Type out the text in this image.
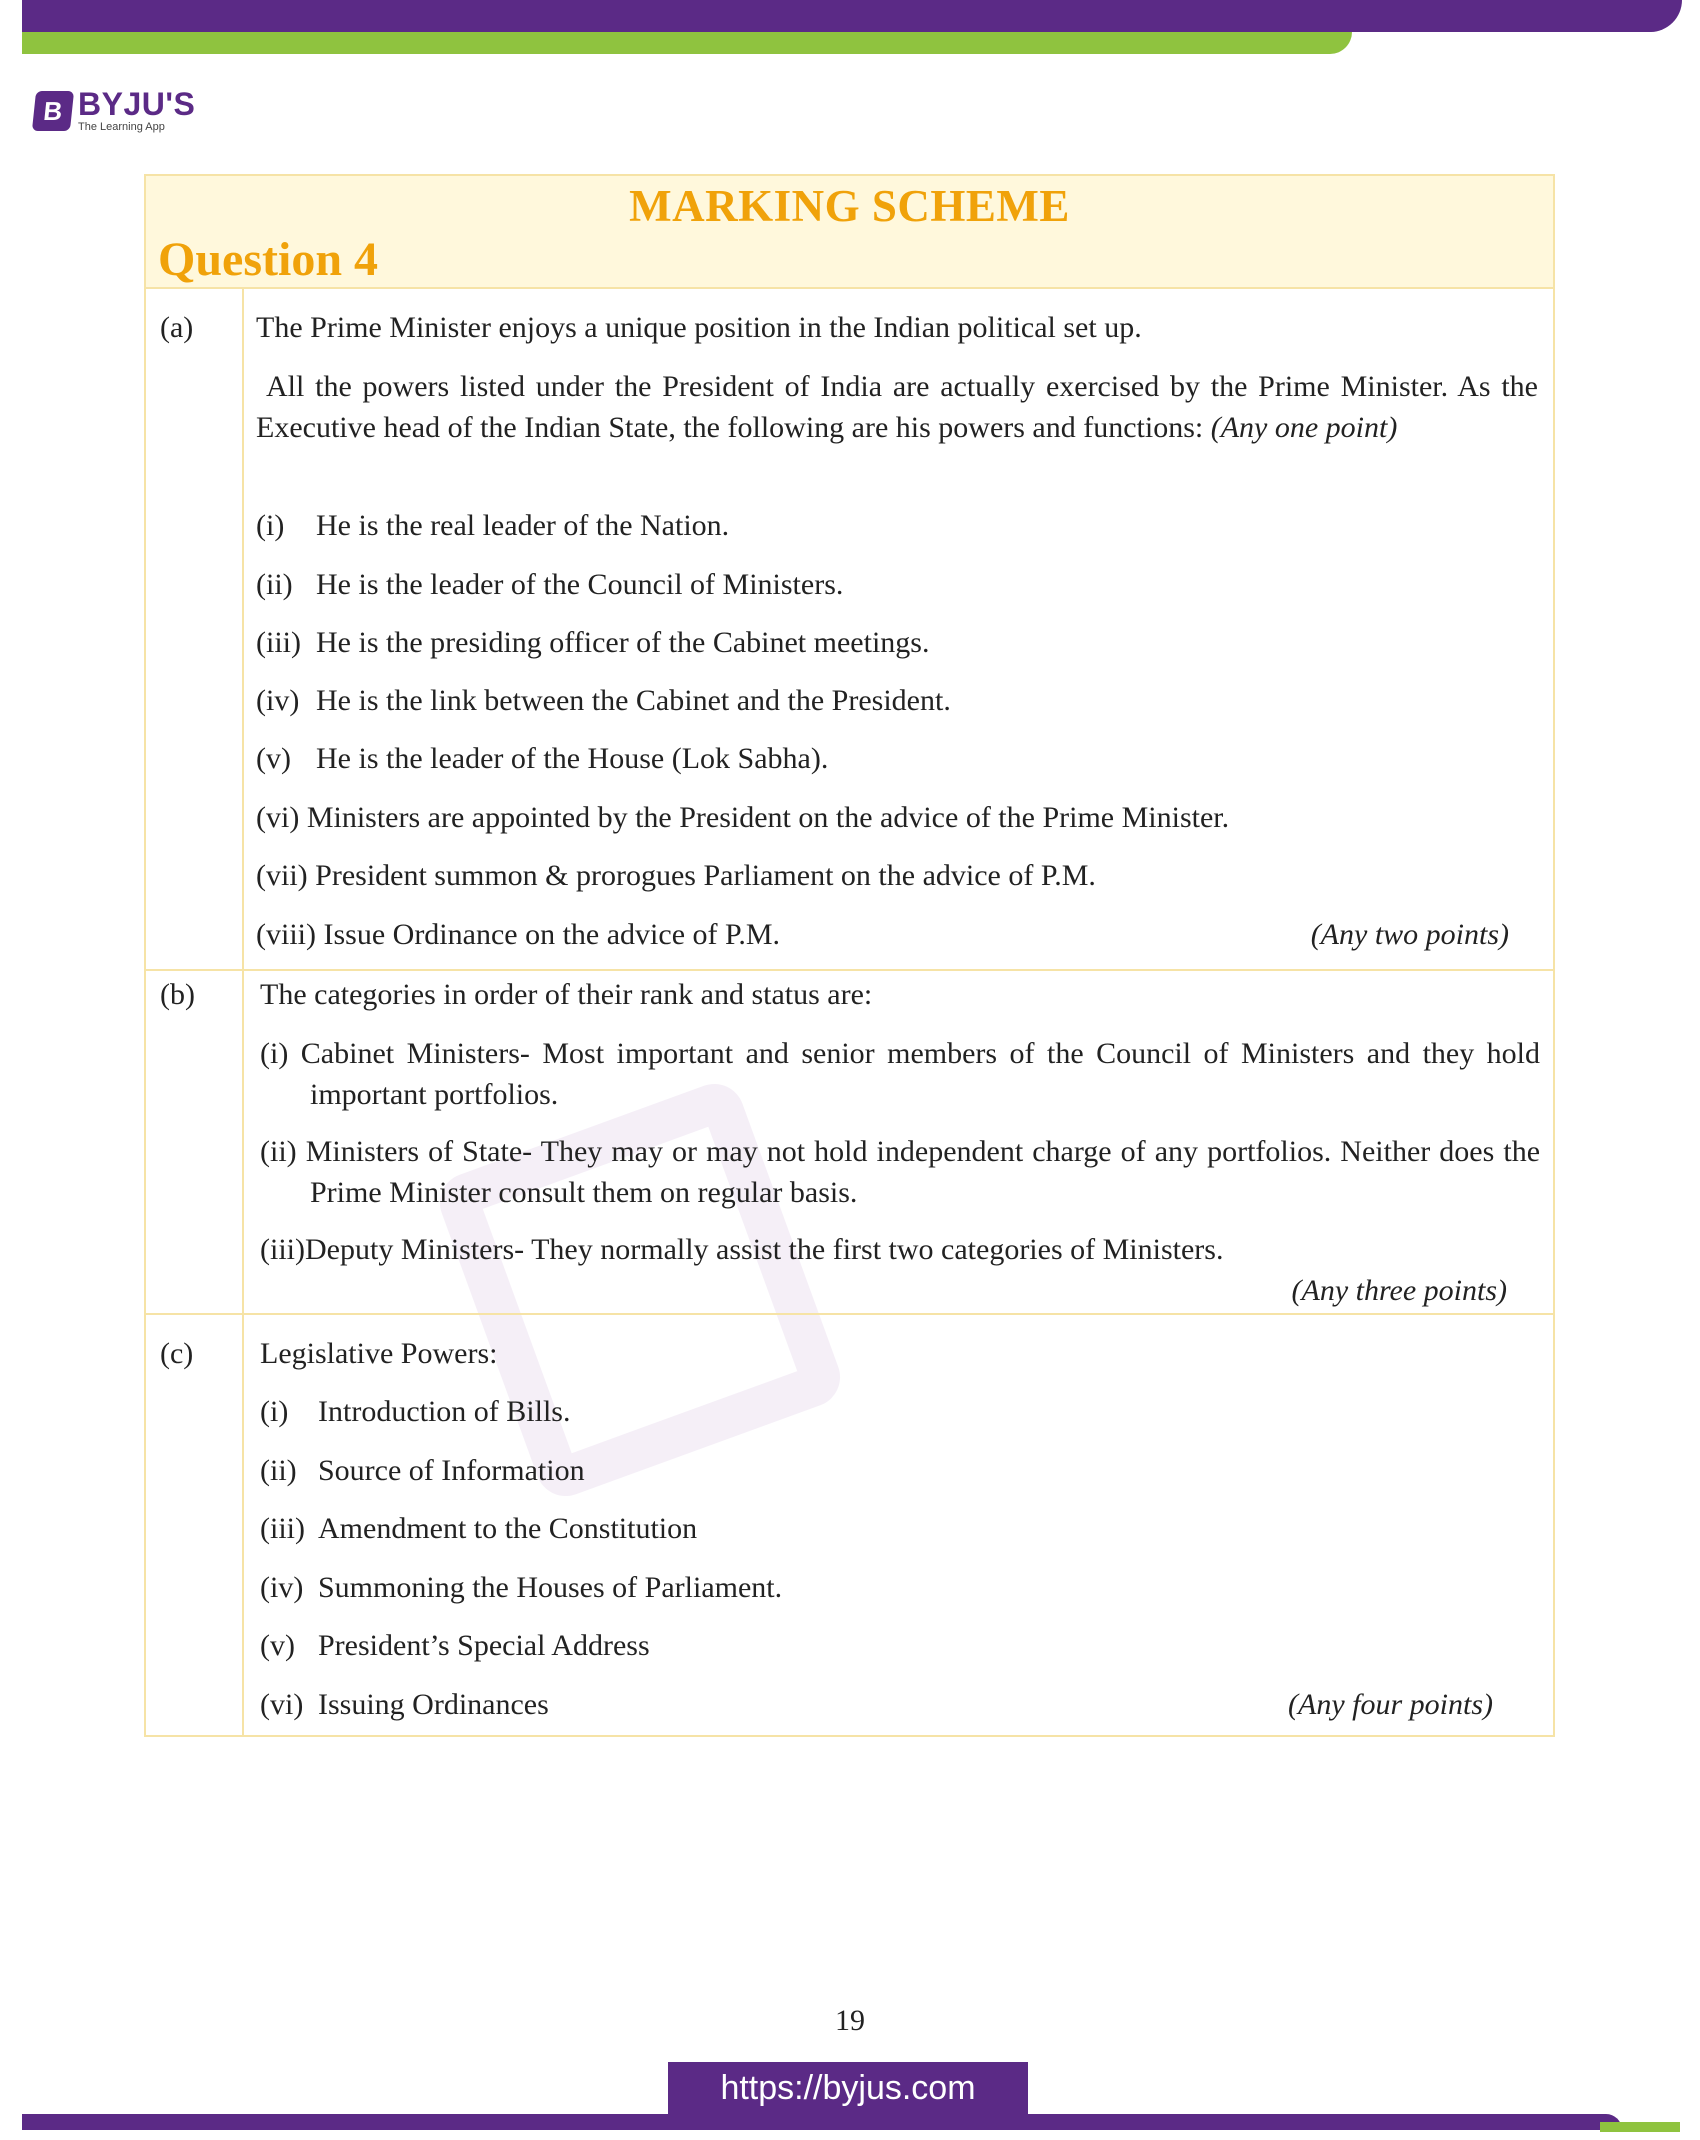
B BYJU'S
The Learning App
MARKING SCHEME
Question 4
(a) The Prime Minister enjoys a unique position in the Indian political set up.
All the powers listed under the President of India are actually exercised by the Prime Minister. As the Executive head of the Indian State, the following are his powers and functions: (Any one point)
(i) He is the real leader of the Nation.
(ii) He is the leader of the Council of Ministers.
(iii) He is the presiding officer of the Cabinet meetings.
(iv) He is the link between the Cabinet and the President.
(v) He is the leader of the House (Lok Sabha).
(vi) Ministers are appointed by the President on the advice of the Prime Minister.
(vii) President summon & prorogues Parliament on the advice of P.M.
(viii) Issue Ordinance on the advice of P.M.	(Any two points)
(b) The categories in order of their rank and status are:
(i) Cabinet Ministers- Most important and senior members of the Council of Ministers and they hold important portfolios.
(ii) Ministers of State- They may or may not hold independent charge of any portfolios. Neither does the Prime Minister consult them on regular basis.
(iii)Deputy Ministers- They normally assist the first two categories of Ministers.
(Any three points)
(c) Legislative Powers:
(i) Introduction of Bills.
(ii) Source of Information
(iii) Amendment to the Constitution
(iv) Summoning the Houses of Parliament.
(v) President’s Special Address
(vi) Issuing Ordinances	(Any four points)
19
https://byjus.com
